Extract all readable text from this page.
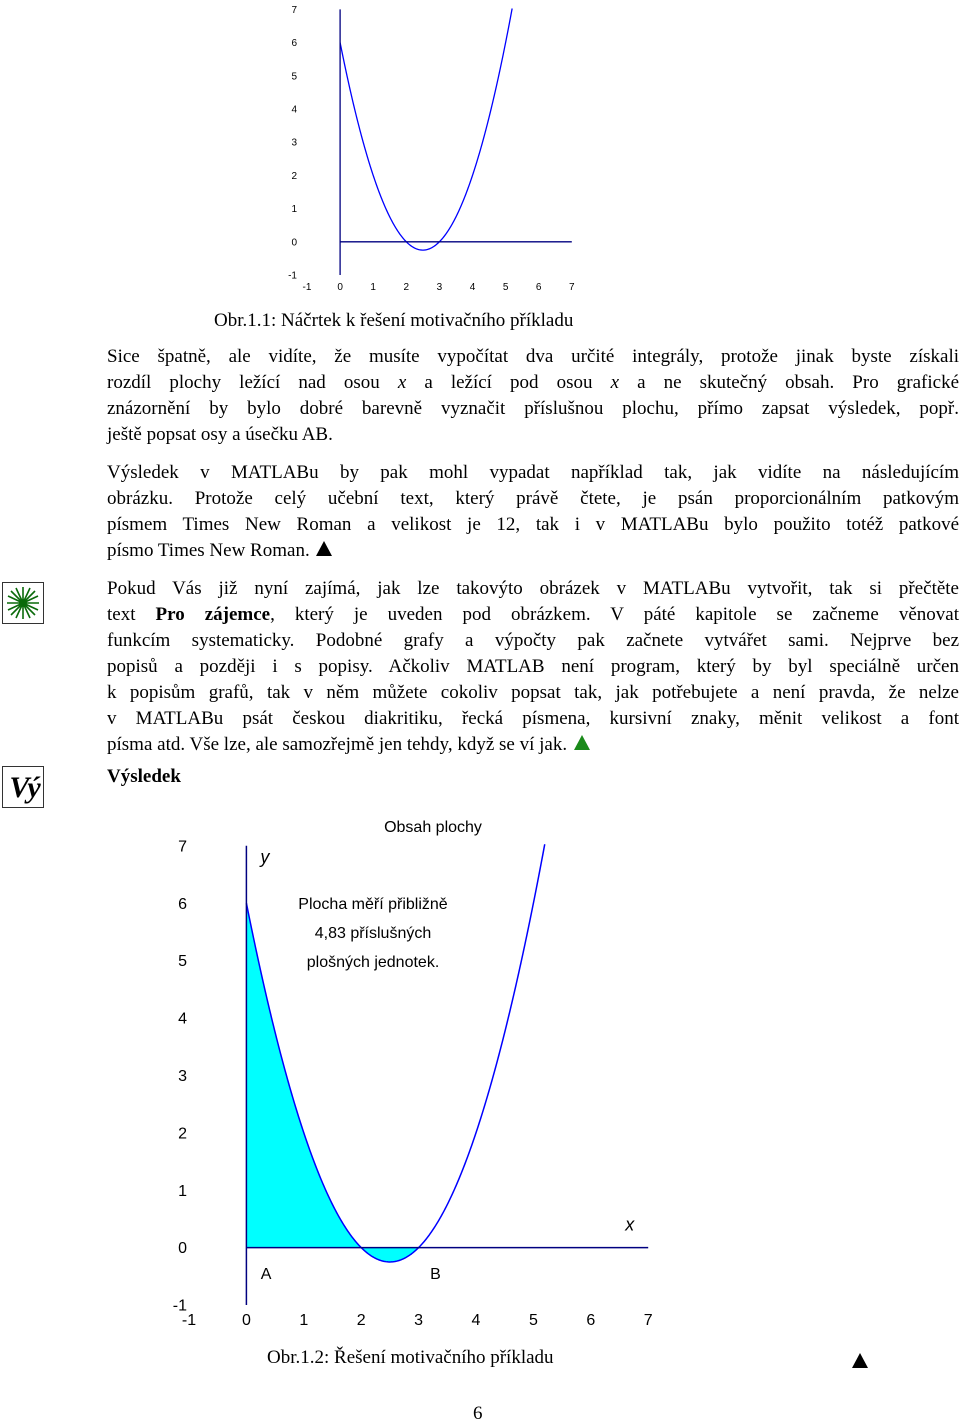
7
6
5
4
3
2
1
0
-1
-1	0	1	2	3	4	5	6	7
Obr.1.1: Náčrtek k řešení motivačního příkladu
Sice špatně, ale vidíte, že musíte vypočítat dva určité integrály, protože jinak byste získali
rozdíl plochy ležící nad osou x a ležící pod osou x a ne skutečný obsah. Pro grafické
znázornění by bylo dobré barevně vyznačit příslušnou plochu, přímo zapsat výsledek, popř.
ještě popsat osy a úsečku AB.
Výsledek v MATLABu by pak mohl vypadat například tak, jak vidíte na následujícím
obrázku. Protože celý učební text, který právě čtete, je psán proporcionálním patkovým
písmem Times New Roman a velikost je 12, tak i v MATLABu bylo použito totéž patkové
písmo Times New Roman.
Pokud Vás již nyní zajímá, jak lze takovýto obrázek v MATLABu vytvořit, tak si přečtěte
text Pro zájemce, který je uveden pod obrázkem. V páté kapitole se začneme věnovat
funkcím systematicky. Podobné grafy a výpočty pak začnete vytvářet sami. Nejprve bez
popisů a později i s popisy. Ačkoliv MATLAB není program, který by byl speciálně určen
k popisům grafů, tak v něm můžete cokoliv popsat tak, jak potřebujete a není pravda, že nelze
v MATLABu psát českou diakritiku, řecká písmena, kursivní znaky, měnit velikost a font
písma atd. Vše lze, ale samozřejmě jen tehdy, když se ví jak.
Vý	Výsledek
Obsah plochy
7
6
5
4
3
2
1
0
-1
-1	0	1	2	3	4	5	6	7
y
x
A	B
Plocha měří přibližně
4,83 příslušných
plošných jednotek.
Obr.1.2: Řešení motivačního příkladu
6
